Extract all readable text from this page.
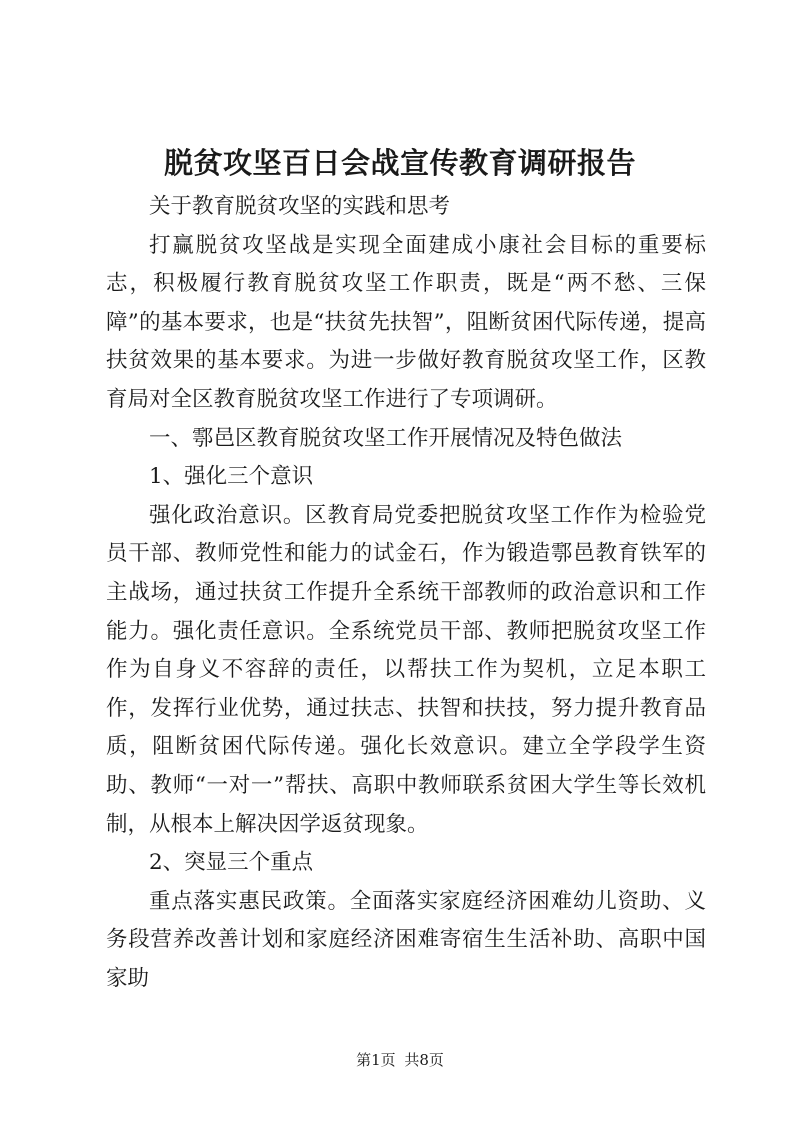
脱贫攻坚百日会战宣传教育调研报告

关于教育脱贫攻坚的实践和思考

打赢脱贫攻坚战是实现全面建成小康社会目标的重要标志，积极履行教育脱贫攻坚工作职责，既是“两不愁、三保障”的基本要求，也是“扶贫先扶智”，阻断贫困代际传递，提高扶贫效果的基本要求。为进一步做好教育脱贫攻坚工作，区教育局对全区教育脱贫攻坚工作进行了专项调研。

一、鄠邑区教育脱贫攻坚工作开展情况及特色做法

1、强化三个意识

强化政治意识。区教育局党委把脱贫攻坚工作作为检验党员干部、教师党性和能力的试金石，作为锻造鄠邑教育铁军的主战场，通过扶贫工作提升全系统干部教师的政治意识和工作能力。强化责任意识。全系统党员干部、教师把脱贫攻坚工作作为自身义不容辞的责任，以帮扶工作为契机，立足本职工作，发挥行业优势，通过扶志、扶智和扶技，努力提升教育品质，阻断贫困代际传递。强化长效意识。建立全学段学生资助、教师“一对一”帮扶、高职中教师联系贫困大学生等长效机制，从根本上解决因学返贫现象。

2、突显三个重点

重点落实惠民政策。全面落实家庭经济困难幼儿资助、义务段营养改善计划和家庭经济困难寄宿生生活补助、高职中国家助

第1页 共8页
